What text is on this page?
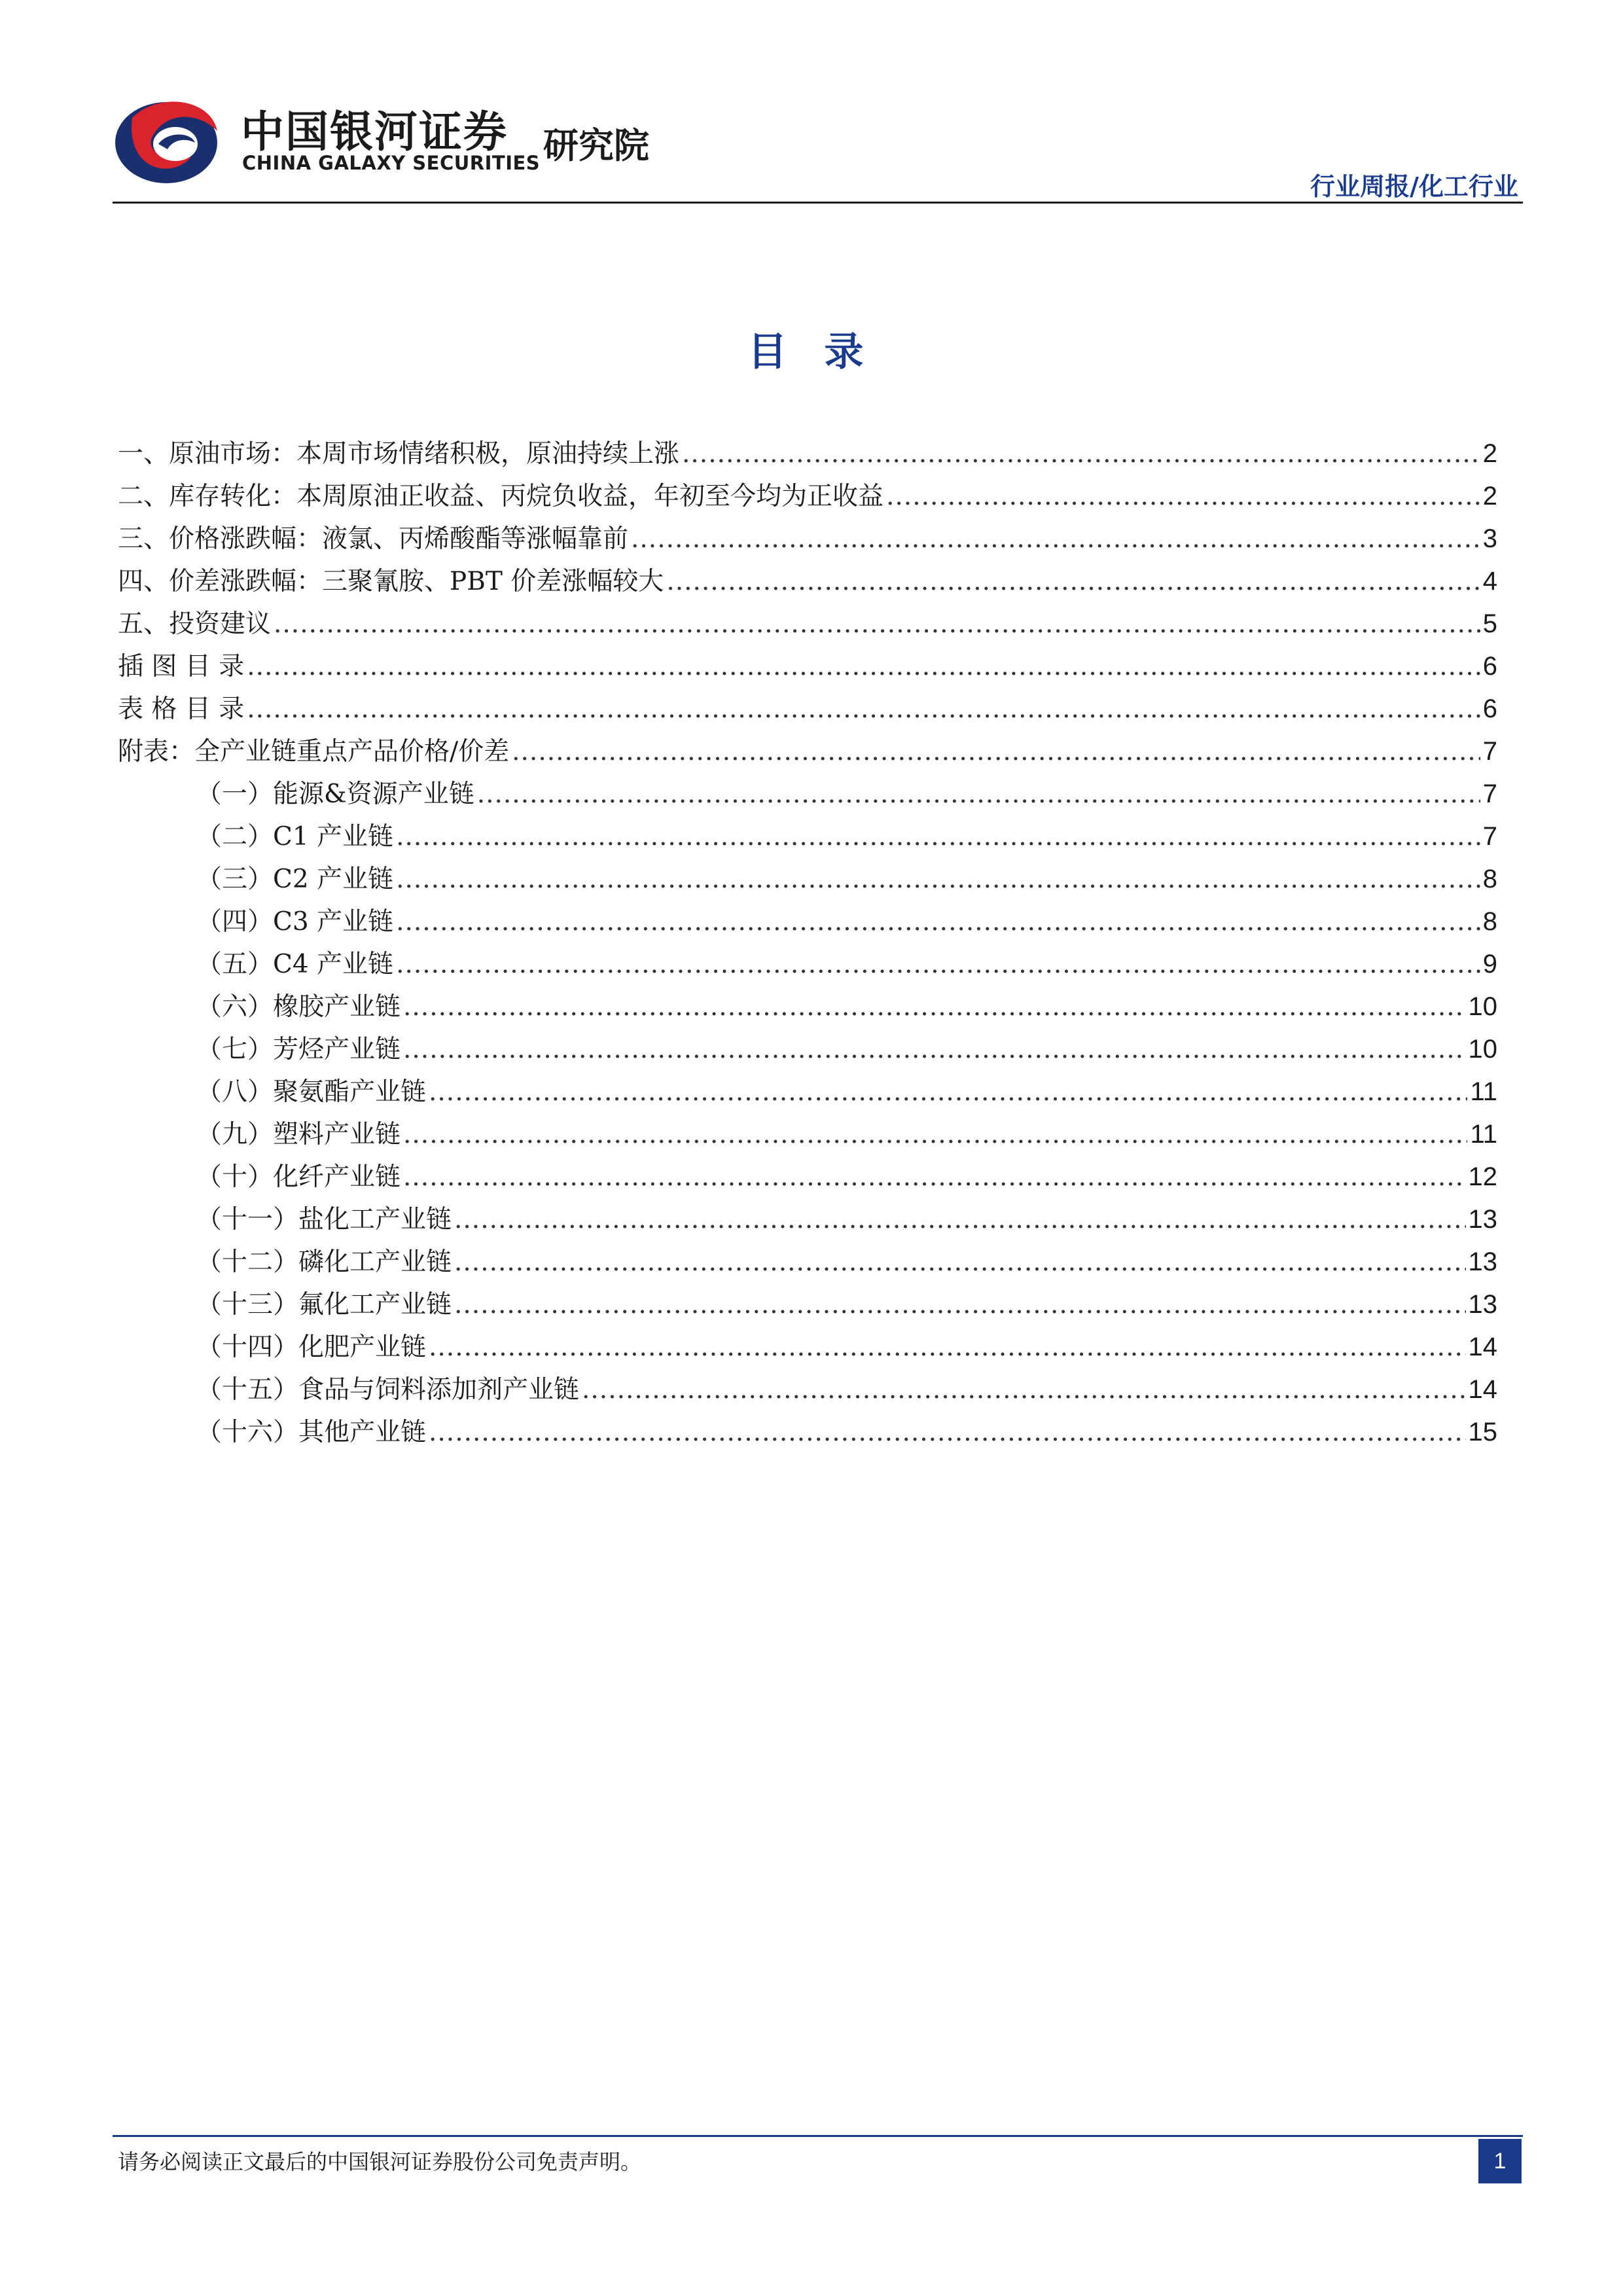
中国银河证券
CHINA GALAXY SECURITIES 研究院
行业周报/化工行业
目 录
一、原油市场：本周市场情绪积极，原油持续上涨 .....	2
二、库存转化：本周原油正收益、丙烷负收益，年初至今均为正收益 .....	2
三、价格涨跌幅：液氯、丙烯酸酯等涨幅靠前 .....	3
四、价差涨跌幅：三聚氰胺、PBT 价差涨幅较大 .....	4
五、投资建议 .....	5
插 图 目 录 .....	6
表 格 目 录 .....	6
附表：全产业链重点产品价格/价差 .....	7
（一）能源&资源产业链 .....	7
（二）C1 产业链 .....	7
（三）C2 产业链 .....	8
（四）C3 产业链 .....	8
（五）C4 产业链 .....	9
（六）橡胶产业链 .....	10
（七）芳烃产业链 .....	10
（八）聚氨酯产业链 .....	11
（九）塑料产业链 .....	11
（十）化纤产业链 .....	12
（十一）盐化工产业链 .....	13
（十二）磷化工产业链 .....	13
（十三）氟化工产业链 .....	13
（十四）化肥产业链 .....	14
（十五）食品与饲料添加剂产业链 .....	14
（十六）其他产业链 .....	15
请务必阅读正文最后的中国银河证券股份公司免责声明。	1
